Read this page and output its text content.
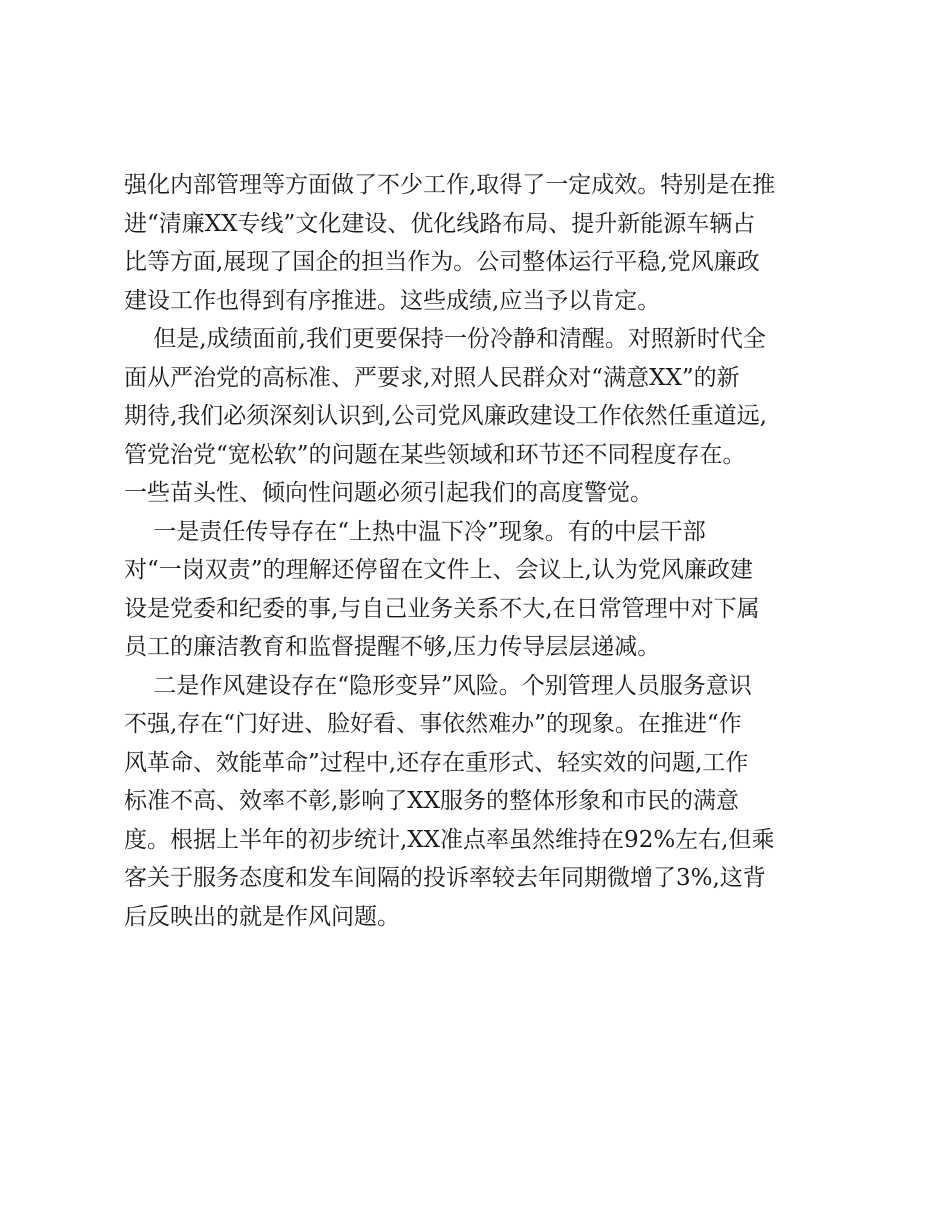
强化内部管理等方面做了不少工作,取得了一定成效。特别是在推
进“清廉XX专线”文化建设、优化线路布局、提升新能源车辆占
比等方面,展现了国企的担当作为。公司整体运行平稳,党风廉政
建设工作也得到有序推进。这些成绩,应当予以肯定。

但是,成绩面前,我们更要保持一份冷静和清醒。对照新时代全
面从严治党的高标准、严要求,对照人民群众对“满意XX”的新
期待,我们必须深刻认识到,公司党风廉政建设工作依然任重道远,
管党治党“宽松软”的问题在某些领域和环节还不同程度存在。
一些苗头性、倾向性问题必须引起我们的高度警觉。

一是责任传导存在“上热中温下冷”现象。有的中层干部
对“一岗双责”的理解还停留在文件上、会议上,认为党风廉政建
设是党委和纪委的事,与自己业务关系不大,在日常管理中对下属
员工的廉洁教育和监督提醒不够,压力传导层层递减。

二是作风建设存在“隐形变异”风险。个别管理人员服务意识
不强,存在“门好进、脸好看、事依然难办”的现象。在推进“作
风革命、效能革命”过程中,还存在重形式、轻实效的问题,工作
标准不高、效率不彰,影响了XX服务的整体形象和市民的满意
度。根据上半年的初步统计,XX准点率虽然维持在92%左右,但乘
客关于服务态度和发车间隔的投诉率较去年同期微增了3%,这背
后反映出的就是作风问题。
